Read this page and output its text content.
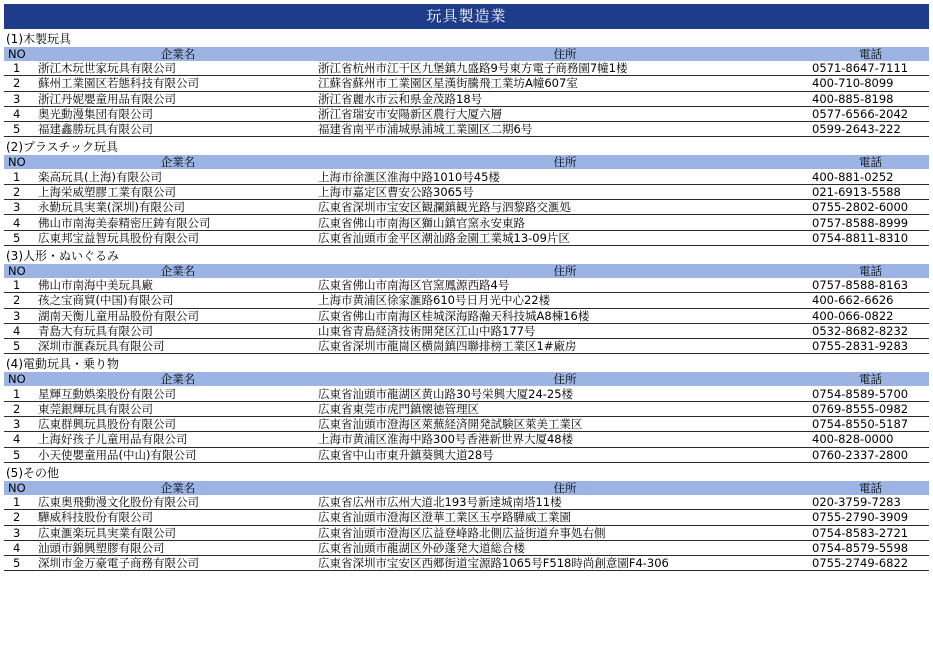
玩具製造業
(1)木製玩具
NO	企業名	住所	電話
1	浙江木玩世家玩具有限公司	浙江省杭州市江干区九堡鎮九盛路9号東方電子商務園7幢1楼	0571-8647-7111
2	蘇州工業園区若態科技有限公司	江蘇省蘇州市工業園区星漢街騰飛工業坊A幢607室	400-710-8099
3	浙江丹妮嬰童用品有限公司	浙江省麗水市云和県金茂路18号	400-885-8198
4	奥光動漫集団有限公司	浙江省瑞安市安陽新区農行大厦六層	0577-6566-2042
5	福建鑫勝玩具有限公司	福建省南平市浦城県浦城工業園区二期6号	0599-2643-222
(2)プラスチック玩具
NO	企業名	住所	電話
1	楽高玩具(上海)有限公司	上海市徐滙区淮海中路1010号45楼	400-881-0252
2	上海栄威塑膠工業有限公司	上海市嘉定区曹安公路3065号	021-6913-5588
3	永勤玩具実業(深圳)有限公司	広東省深圳市宝安区観瀾鎮観光路与泗黎路交滙処	0755-2802-6000
4	佛山市南海美泰精密圧鋳有限公司	広東省佛山市南海区獅山鎮官窯永安東路	0757-8588-8999
5	広東邦宝益智玩具股份有限公司	広東省汕頭市金平区潮汕路金園工業城13-09片区	0754-8811-8310
(3)人形・ぬいぐるみ
NO	企業名	住所	電話
1	佛山市南海中美玩具廠	広東省佛山市南海区官窯鳳源西路4号	0757-8588-8163
2	孩之宝商貿(中国)有限公司	上海市黄浦区徐家滙路610号日月光中心22楼	400-662-6626
3	湖南天衡儿童用品股份有限公司	広東省佛山市南海区桂城深海路瀚天科技城A8棟16楼	400-066-0822
4	青島大有玩具有限公司	山東省青島経済技術開発区江山中路177号	0532-8682-8232
5	深圳市滙森玩具有限公司	広東省深圳市龍崗区横崗鎮四聯排榜工業区1#廠房	0755-2831-9283
(4)電動玩具・乗り物
NO	企業名	住所	電話
1	星輝互動娯楽股份有限公司	広東省汕頭市龍湖区黄山路30号栄興大厦24-25楼	0754-8589-5700
2	東莞銀輝玩具有限公司	広東省東莞市虎門鎮懐徳管理区	0769-8555-0982
3	広東群興玩具股份有限公司	広東省汕頭市澄海区萊蕪経済開発試験区萊美工業区	0754-8550-5187
4	上海好孩子儿童用品有限公司	上海市黄浦区淮海中路300号香港新世界大厦48楼	400-828-0000
5	小天使嬰童用品(中山)有限公司	広東省中山市東升鎮葵興大道28号	0760-2337-2800
(5)その他
NO	企業名	住所	電話
1	広東奥飛動漫文化股份有限公司	広東省広州市広州大道北193号新達城南塔11楼	020-3759-7283
2	驊威科技股份有限公司	広東省汕頭市澄海区澄華工業区玉亭路驊威工業園	0755-2790-3909
3	広東滙楽玩具実業有限公司	広東省汕頭市澄海区広益登峰路北側広益街道弁事処右側	0754-8583-2721
4	汕頭市錦興塑膠有限公司	広東省汕頭市龍湖区外砂蓬発大道総合楼	0754-8579-5598
5	深圳市金万豪電子商務有限公司	広東省深圳市宝安区西郷街道宝源路1065号F518時尚創意園F4-306	0755-2749-6822
